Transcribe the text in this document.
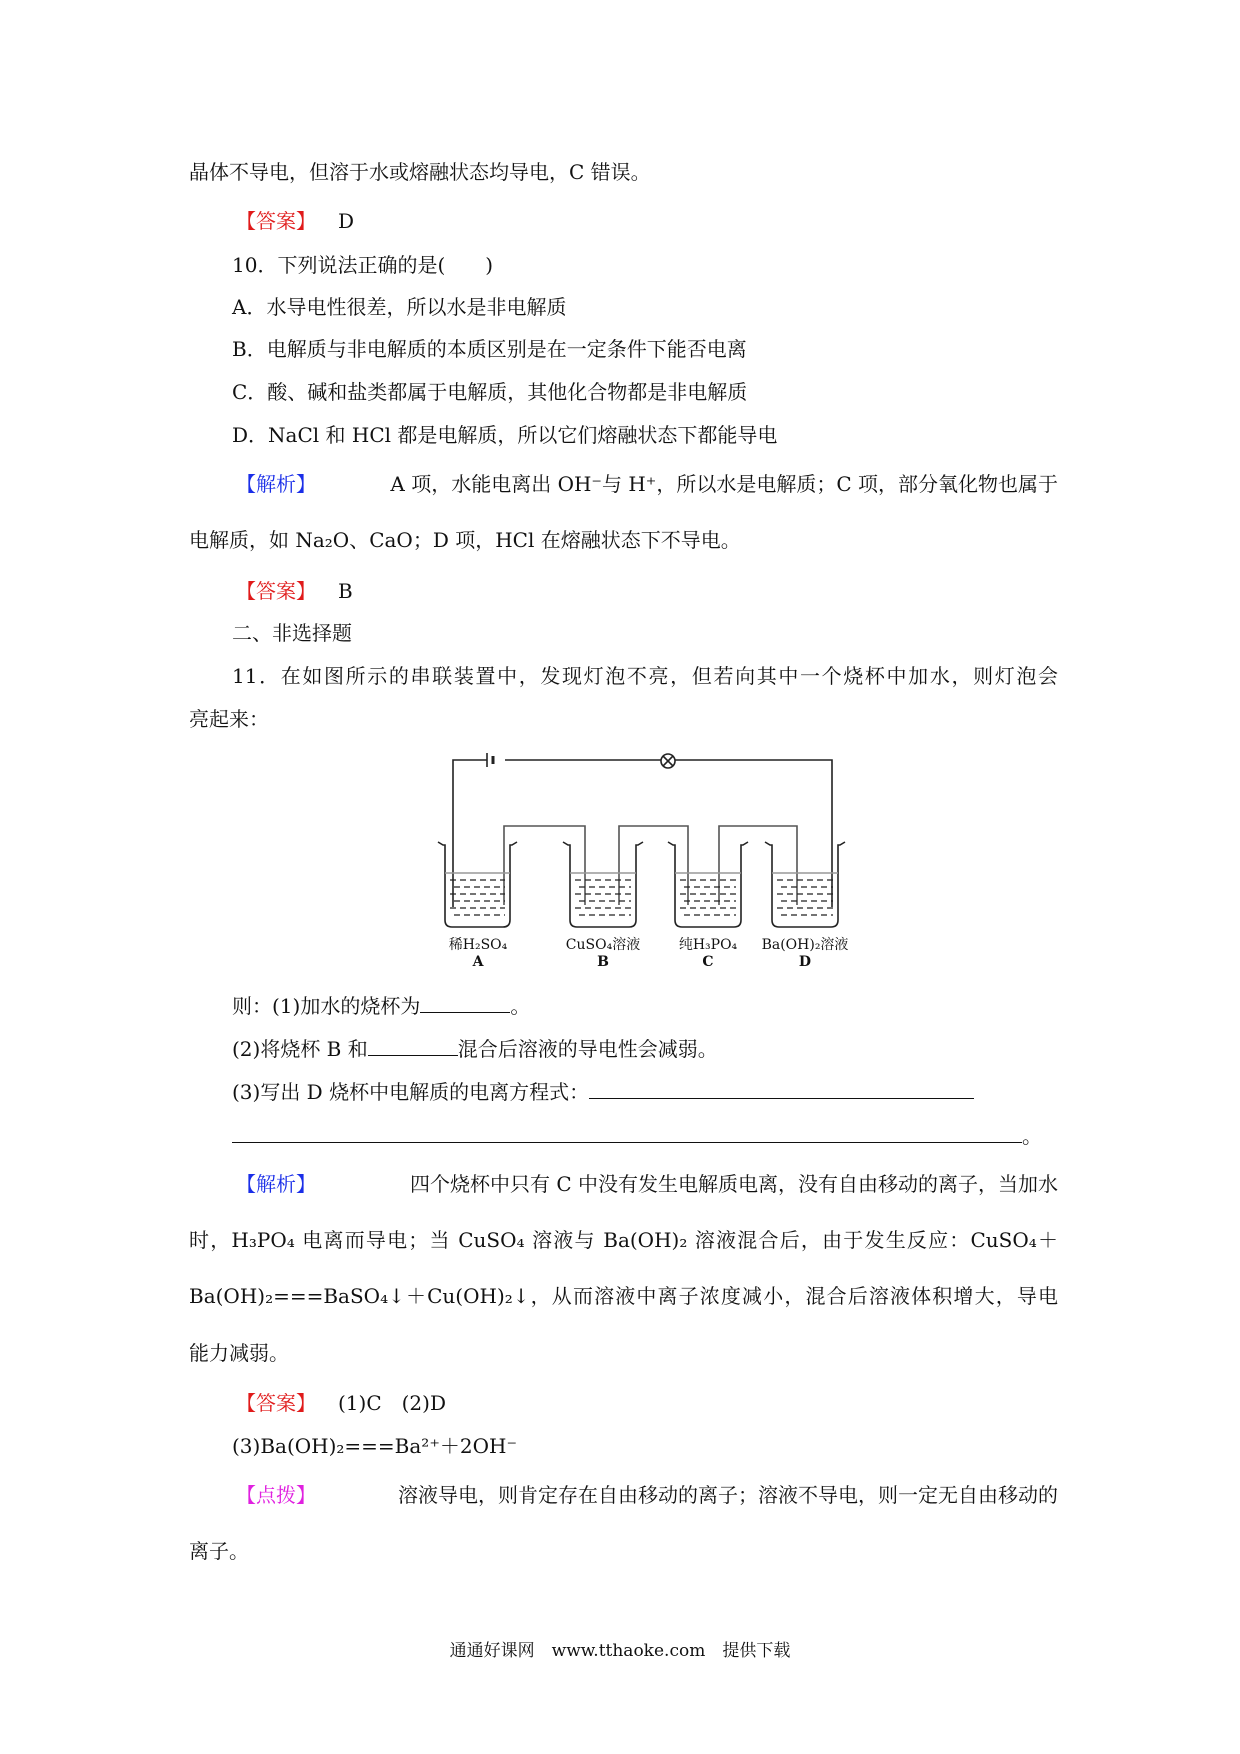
晶体不导电，但溶于水或熔融状态均导电，C 错误。
【答案】 D
10．下列说法正确的是(　　)
A．水导电性很差，所以水是非电解质
B．电解质与非电解质的本质区别是在一定条件下能否电离
C．酸、碱和盐类都属于电解质，其他化合物都是非电解质
D．NaCl 和 HCl 都是电解质，所以它们熔融状态下都能导电
【解析】	A 项，水能电离出 OH⁻与 H⁺，所以水是电解质；C 项，部分氧化物也属于
电解质，如 Na₂O、CaO；D 项，HCl 在熔融状态下不导电。
【答案】 B
二、非选择题
11．在如图所示的串联装置中，发现灯泡不亮，但若向其中一个烧杯中加水，则灯泡会
亮起来：
稀H₂SO₄
A
CuSO₄溶液
B
纯H₃PO₄
C
Ba(OH)₂溶液
D
则：(1)加水的烧杯为	。
(2)将烧杯 B 和	混合后溶液的导电性会减弱。
(3)写出 D 烧杯中电解质的电离方程式：
。
【解析】	四个烧杯中只有 C 中没有发生电解质电离，没有自由移动的离子，当加水
时，H₃PO₄ 电离而导电；当 CuSO₄ 溶液与 Ba(OH)₂ 溶液混合后，由于发生反应：CuSO₄＋
Ba(OH)₂===BaSO₄↓＋Cu(OH)₂↓，从而溶液中离子浓度减小，混合后溶液体积增大，导电
能力减弱。
【答案】 (1)C　(2)D
(3)Ba(OH)₂===Ba²⁺＋2OH⁻
【点拨】	溶液导电，则肯定存在自由移动的离子；溶液不导电，则一定无自由移动的
离子。
通通好课网　www.tthaoke.com　提供下载
